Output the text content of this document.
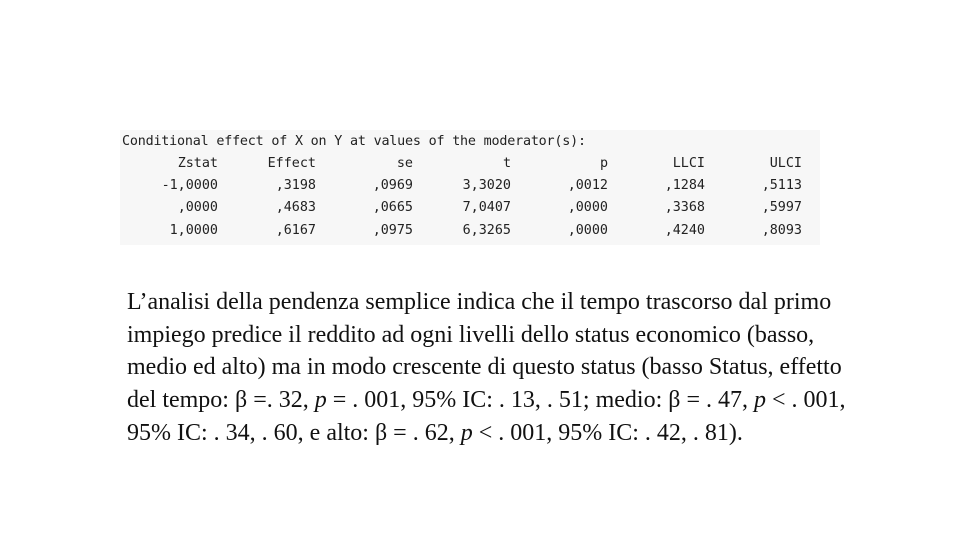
Conditional effect of X on Y at values of the moderator(s):
Zstat	Effect	se	t	p	LLCI	ULCI
-1,0000	,3198	,0969	3,3020	,0012	,1284	,5113
,0000	,4683	,0665	7,0407	,0000	,3368	,5997
1,0000	,6167	,0975	6,3265	,0000	,4240	,8093
L’analisi della pendenza semplice indica che il tempo trascorso dal primo impiego predice il reddito ad ogni livelli dello status economico (basso, medio ed alto) ma in modo crescente di questo status (basso Status, effetto del tempo: β =. 32, p = . 001, 95% IC: . 13, . 51; medio: β = . 47, p < . 001, 95% IC: . 34, . 60, e alto: β = . 62, p < . 001, 95% IC: . 42, . 81).
